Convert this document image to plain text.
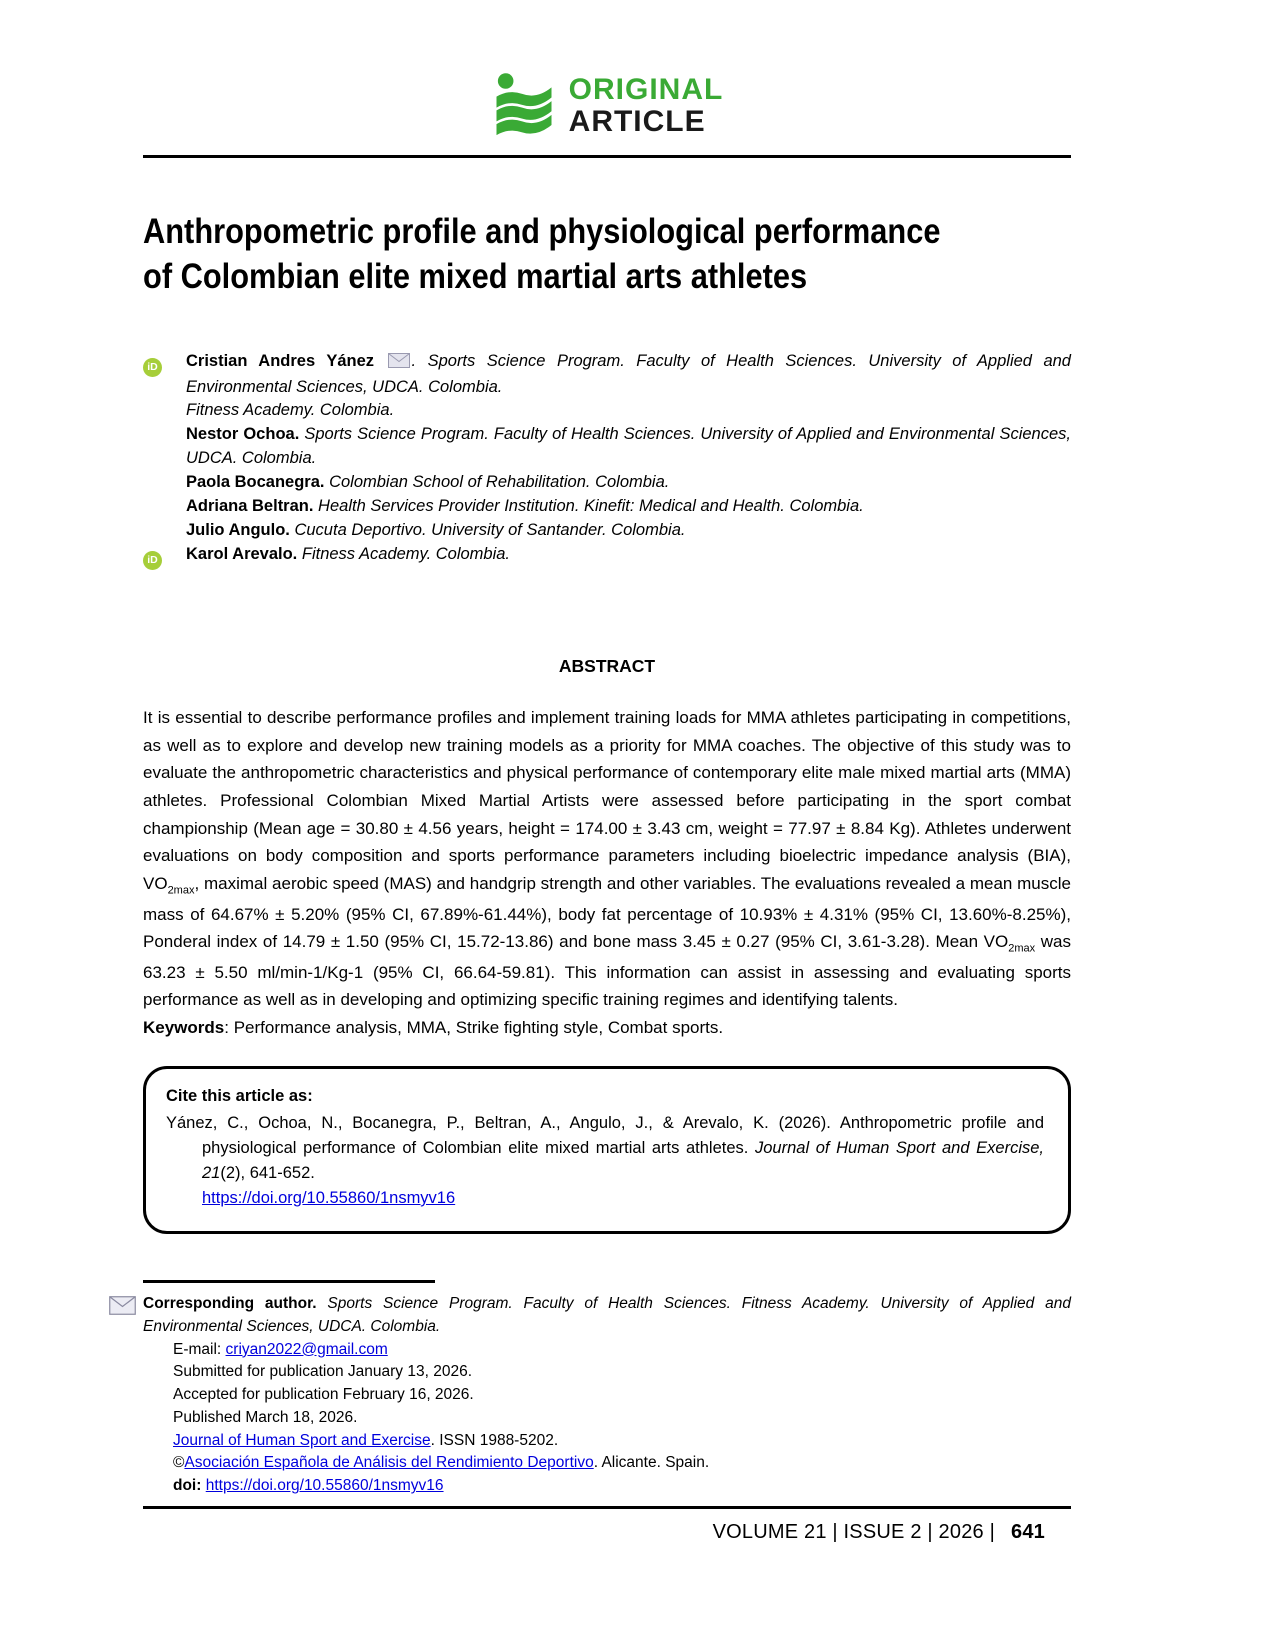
ORIGINAL
ARTICLE
Anthropometric profile and physiological performance
of Colombian elite mixed martial arts athletes
iD	Cristian Andres Yánez . Sports Science Program. Faculty of Health Sciences. University of Applied and Environmental Sciences, UDCA. Colombia.

Fitness Academy. Colombia.

Nestor Ochoa. Sports Science Program. Faculty of Health Sciences. University of Applied and Environmental Sciences, UDCA. Colombia.

Paola Bocanegra. Colombian School of Rehabilitation. Colombia.

Adriana Beltran. Health Services Provider Institution. Kinefit: Medical and Health. Colombia.

Julio Angulo. Cucuta Deportivo. University of Santander. Colombia.

iD	Karol Arevalo. Fitness Academy. Colombia.

ABSTRACT

It is essential to describe performance profiles and implement training loads for MMA athletes participating in competitions, as well as to explore and develop new training models as a priority for MMA coaches. The objective of this study was to evaluate the anthropometric characteristics and physical performance of contemporary elite male mixed martial arts (MMA) athletes. Professional Colombian Mixed Martial Artists were assessed before participating in the sport combat championship (Mean age = 30.80 ± 4.56 years, height = 174.00 ± 3.43 cm, weight = 77.97 ± 8.84 Kg). Athletes underwent evaluations on body composition and sports performance parameters including bioelectric impedance analysis (BIA), $VO_{2max}$, maximal aerobic speed (MAS) and handgrip strength and other variables. The evaluations revealed a mean muscle mass of 64.67% ± 5.20% (95% CI, 67.89%-61.44%), body fat percentage of 10.93% ± 4.31% (95% CI, 13.60%-8.25%), Ponderal index of 14.79 ± 1.50 (95% CI, 15.72-13.86) and bone mass 3.45 ± 0.27 (95% CI, 3.61-3.28). Mean $VO_{2max}$ was 63.23 ± 5.50 ml/min-1/Kg-1 (95% CI, 66.64-59.81). This information can assist in assessing and evaluating sports performance as well as in developing and optimizing specific training regimes and identifying talents.

Keywords: Performance analysis, MMA, Strike fighting style, Combat sports.

Cite this article as:

Yánez, C., Ochoa, N., Bocanegra, P., Beltran, A., Angulo, J., & Arevalo, K. (2026). Anthropometric profile and physiological performance of Colombian elite mixed martial arts athletes. Journal of Human Sport and Exercise, 21(2), 641-652.
https://doi.org/10.55860/1nsmyv16

Corresponding author. Sports Science Program. Faculty of Health Sciences. Fitness Academy. University of Applied and Environmental Sciences, UDCA. Colombia.

E-mail: criyan2022@gmail.com
Submitted for publication January 13, 2026.
Accepted for publication February 16, 2026.
Published March 18, 2026.
Journal of Human Sport and Exercise. ISSN 1988-5202.
©Asociación Española de Análisis del Rendimiento Deportivo. Alicante. Spain.
doi: https://doi.org/10.55860/1nsmyv16
VOLUME 21 | ISSUE 2 | 2026 | 641
